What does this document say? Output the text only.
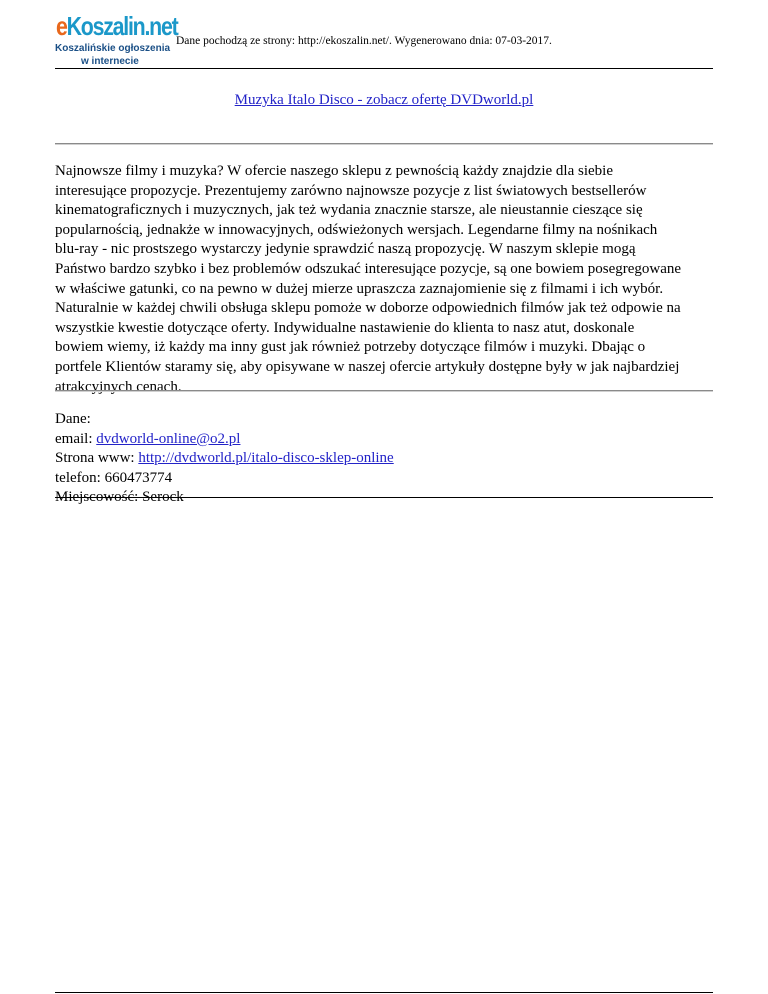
eKoszalin.net
Koszalińskie ogłoszenia
w internecie
Dane pochodzą ze strony: http://ekoszalin.net/. Wygenerowano dnia: 07-03-2017.
Muzyka Italo Disco - zobacz ofertę DVDworld.pl
Najnowsze filmy i muzyka? W ofercie naszego sklepu z pewnością każdy znajdzie dla siebie
interesujące propozycje. Prezentujemy zarówno najnowsze pozycje z list światowych bestsellerów
kinematograficznych i muzycznych, jak też wydania znacznie starsze, ale nieustannie cieszące się
popularnością, jednakże w innowacyjnych, odświeżonych wersjach. Legendarne filmy na nośnikach
blu-ray - nic prostszego wystarczy jedynie sprawdzić naszą propozycję. W naszym sklepie mogą
Państwo bardzo szybko i bez problemów odszukać interesujące pozycje, są one bowiem posegregowane
w właściwe gatunki, co na pewno w dużej mierze upraszcza zaznajomienie się z filmami i ich wybór.
Naturalnie w każdej chwili obsługa sklepu pomoże w doborze odpowiednich filmów jak też odpowie na
wszystkie kwestie dotyczące oferty. Indywidualne nastawienie do klienta to nasz atut, doskonale
bowiem wiemy, iż każdy ma inny gust jak również potrzeby dotyczące filmów i muzyki. Dbając o
portfele Klientów staramy się, aby opisywane w naszej ofercie artykuły dostępne były w jak najbardziej
atrakcyjnych cenach.
Dane:
email: dvdworld-online@o2.pl
Strona www: http://dvdworld.pl/italo-disco-sklep-online
telefon: 660473774
Miejscowość: Serock
